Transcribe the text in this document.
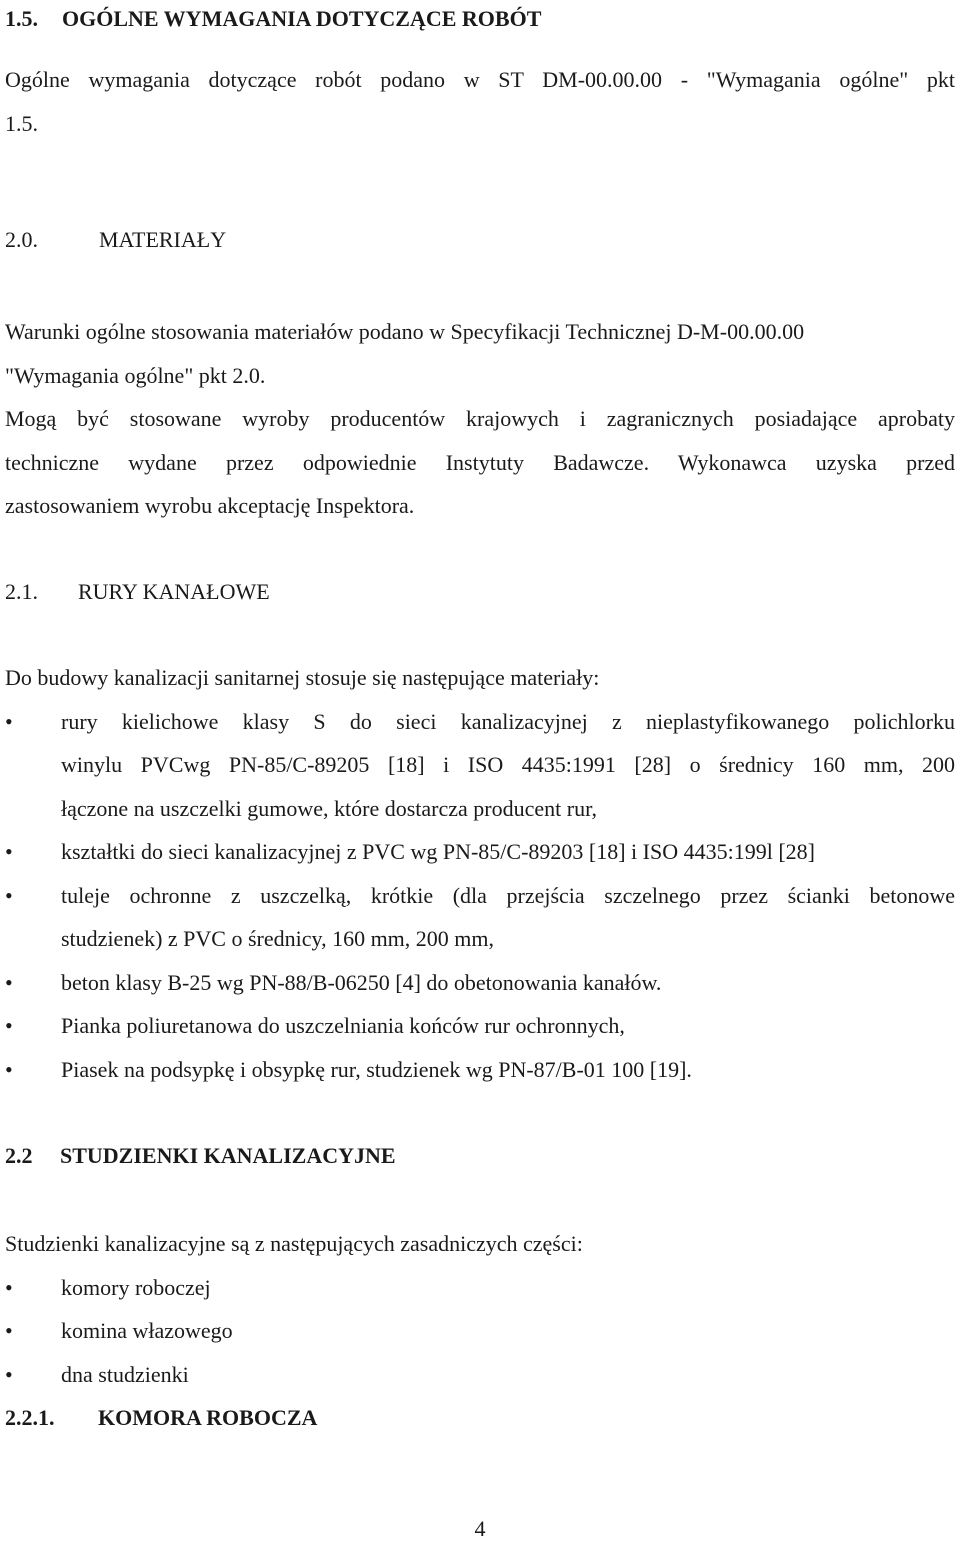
1.5. OGÓLNE WYMAGANIA DOTYCZĄCE ROBÓT
Ogólne wymagania dotyczące robót podano w ST DM-00.00.00 - "Wymagania ogólne" pkt
1.5.
2.0.	MATERIAŁY
Warunki ogólne stosowania materiałów podano w Specyfikacji Technicznej D-M-00.00.00
"Wymagania ogólne" pkt 2.0.
Mogą być stosowane wyroby producentów krajowych i zagranicznych posiadające aprobaty
techniczne wydane przez odpowiednie Instytuty Badawcze. Wykonawca uzyska przed
zastosowaniem wyrobu akceptację Inspektora.
2.1. RURY KANAŁOWE
Do budowy kanalizacji sanitarnej stosuje się następujące materiały:
•	rury kielichowe klasy S do sieci kanalizacyjnej z nieplastyfikowanego polichlorku
winylu PVCwg PN-85/C-89205 [18] i ISO 4435:1991 [28] o średnicy 160 mm, 200
łączone na uszczelki gumowe, które dostarcza producent rur,
•	kształtki do sieci kanalizacyjnej z PVC wg PN-85/C-89203 [18] i ISO 4435:199l [28]
•	tuleje ochronne z uszczelką, krótkie (dla przejścia szczelnego przez ścianki betonowe
studzienek) z PVC o średnicy, 160 mm, 200 mm,
•	beton klasy B-25 wg PN-88/B-06250 [4] do obetonowania kanałów.
•	Pianka poliuretanowa do uszczelniania końców rur ochronnych,
•	Piasek na podsypkę i obsypkę rur, studzienek wg PN-87/B-01 100 [19].
2.2 STUDZIENKI KANALIZACYJNE
Studzienki kanalizacyjne są z następujących zasadniczych części:
•	komory roboczej
•	komina włazowego
•	dna studzienki
2.2.1. KOMORA ROBOCZA
4
